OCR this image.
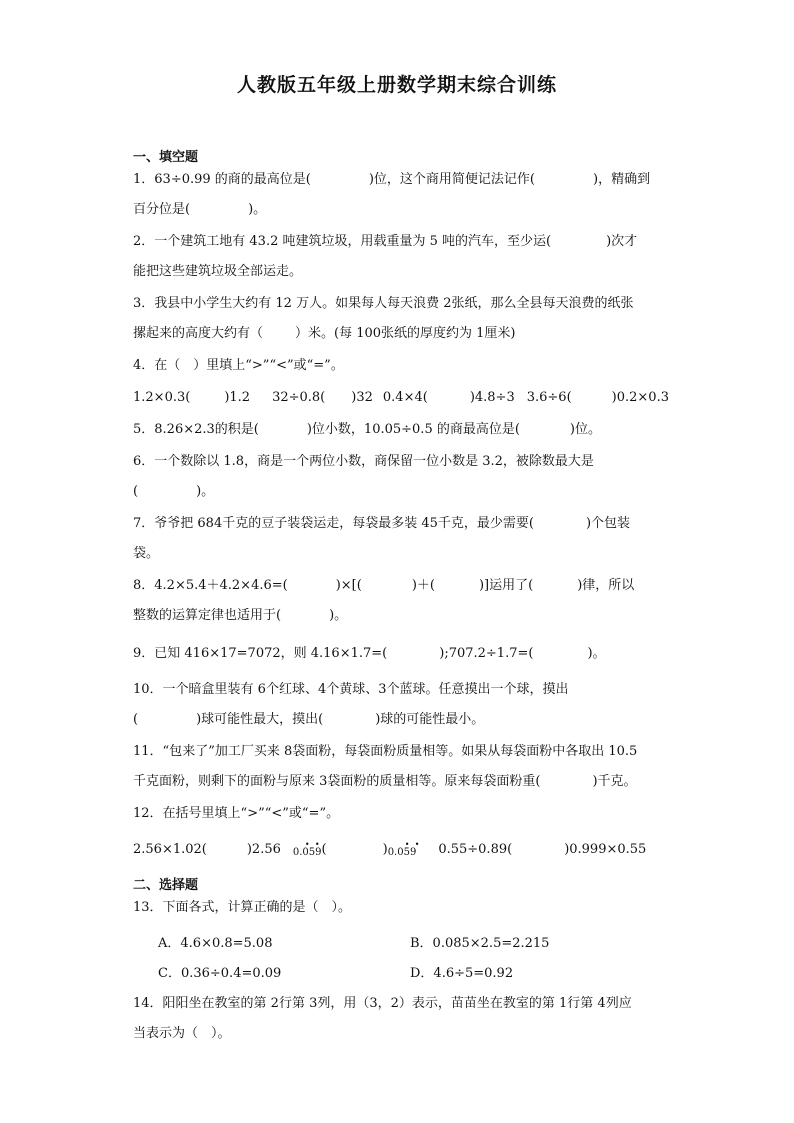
人教版五年级上册数学期末综合训练
一、填空题
1．63÷0.99 的商的最高位是(	)位，这个商用简便记法记作(	)，精确到
百分位是(	)。
2．一个建筑工地有 43.2 吨建筑垃圾，用载重量为 5 吨的汽车，至少运(	)次才
能把这些建筑垃圾全部运走。
3．我县中小学生大约有 12 万人。如果每人每天浪费 2张纸，那么全县每天浪费的纸张
摞起来的高度大约有（ ）米。(每 100张纸的厚度约为 1厘米)
4．在（　）里填上“>”“<”或“=”。
1.2×0.3(	)1.2 32÷0.8( )32 0.4×4(	)4.8÷3 3.6÷6(	)0.2×0.3
5．8.26×2.3的积是(	)位小数，10.05÷0.5 的商最高位是(	)位。
6．一个数除以 1.8，商是一个两位小数，商保留一位小数是 3.2，被除数最大是
(	)。
7．爷爷把 684千克的豆子装袋运走，每袋最多装 45千克，最少需要(	)个包装
袋。
8．4.2×5.4＋4.2×4.6=(	)×[(	)＋(	)]运用了(	)律，所以
整数的运算定律也适用于(	)。
9．已知 416×17=7072，则 4.16×1.7=(	);707.2÷1.7=(	)。
10．一个暗盒里装有 6个红球、4个黄球、3个蓝球。任意摸出一个球，摸出
(	)球可能性最大，摸出(	)球的可能性最小。
11．“包来了”加工厂买来 8袋面粉，每袋面粉质量相等。如果从每袋面粉中各取出 10.5
千克面粉，则剩下的面粉与原来 3袋面粉的质量相等。原来每袋面粉重(	)千克。
12．在括号里填上“>”“<”或“=”。
2.56×1.02(	)2.56	• •
0.059(	) • •
0.059 0.55÷0.89(	)0.999×0.55
二、选择题
13．下面各式，计算正确的是（　）。
A．4.6×0.8=5.08	B．0.085×2.5=2.215
C．0.36÷0.4=0.09	D．4.6÷5=0.92
14．阳阳坐在教室的第 2行第 3列，用（3，2）表示，苗苗坐在教室的第 1行第 4列应
当表示为（　）。
